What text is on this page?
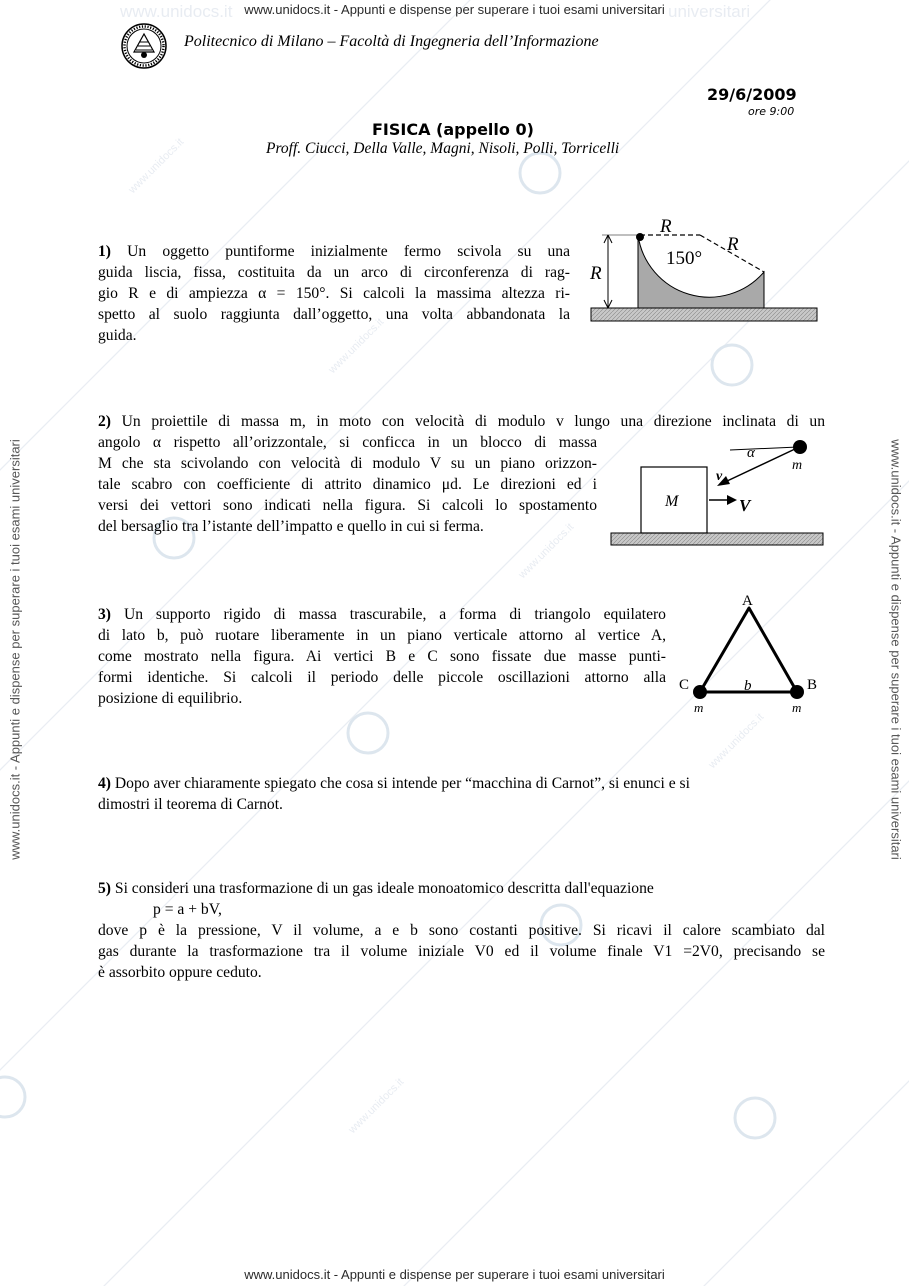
www.unidocs.it	universitari
www.unidocs.it - Appunti e dispense per superare i tuoi esami universitari
www.unidocs.it - Appunti e dispense per superare i tuoi esami universitari
www.unidocs.it - Appunti e dispense per superare i tuoi esami universitari	www.unidocs.it - Appunti e dispense per superare i tuoi esami universitari
www.unidocs.it
www.unidocs.it
www.unidocs.it
www.unidocs.it
www.unidocs.it
Politecnico di Milano – Facoltà di Ingegneria dell’Informazione
29/6/2009
ore 9:00
FISICA (appello 0)
Proff. Ciucci, Della Valle, Magni, Nisoli, Polli, Torricelli
1) Un oggetto puntiforme inizialmente fermo scivola su una
guida liscia, fissa, costituita da un arco di circonferenza di rag-
gio R e di ampiezza α = 150°. Si calcoli la massima altezza ri-
spetto al suolo raggiunta dall’oggetto, una volta abbandonata la
guida.
R
R
R
150°
2) Un proiettile di massa m, in moto con velocità di modulo v lungo una direzione inclinata di un
angolo α rispetto all’orizzontale, si conficca in un blocco di massa
M che sta scivolando con velocità di modulo V su un piano orizzon-
tale scabro con coefficiente di attrito dinamico μd. Le direzioni ed i
versi dei vettori sono indicati nella figura. Si calcoli lo spostamento
del bersaglio tra l’istante dell’impatto e quello in cui si ferma.
M	V
α
m
v
3) Un supporto rigido di massa trascurabile, a forma di triangolo equilatero
di lato b, può ruotare liberamente in un piano verticale attorno al vertice A,
come mostrato nella figura. Ai vertici B e C sono fissate due masse punti-
formi identiche. Si calcoli il periodo delle piccole oscillazioni attorno alla
posizione di equilibrio.
A
B
C	b
m	m
4) Dopo aver chiaramente spiegato che cosa si intende per “macchina di Carnot”, si enunci e si
dimostri il teorema di Carnot.
5) Si consideri una trasformazione di un gas ideale monoatomico descritta dall'equazione
p = a + bV,
dove p è la pressione, V il volume, a e b sono costanti positive. Si ricavi il calore scambiato dal
gas durante la trasformazione tra il volume iniziale V0 ed il volume finale V1 =2V0, precisando se
è assorbito oppure ceduto.
